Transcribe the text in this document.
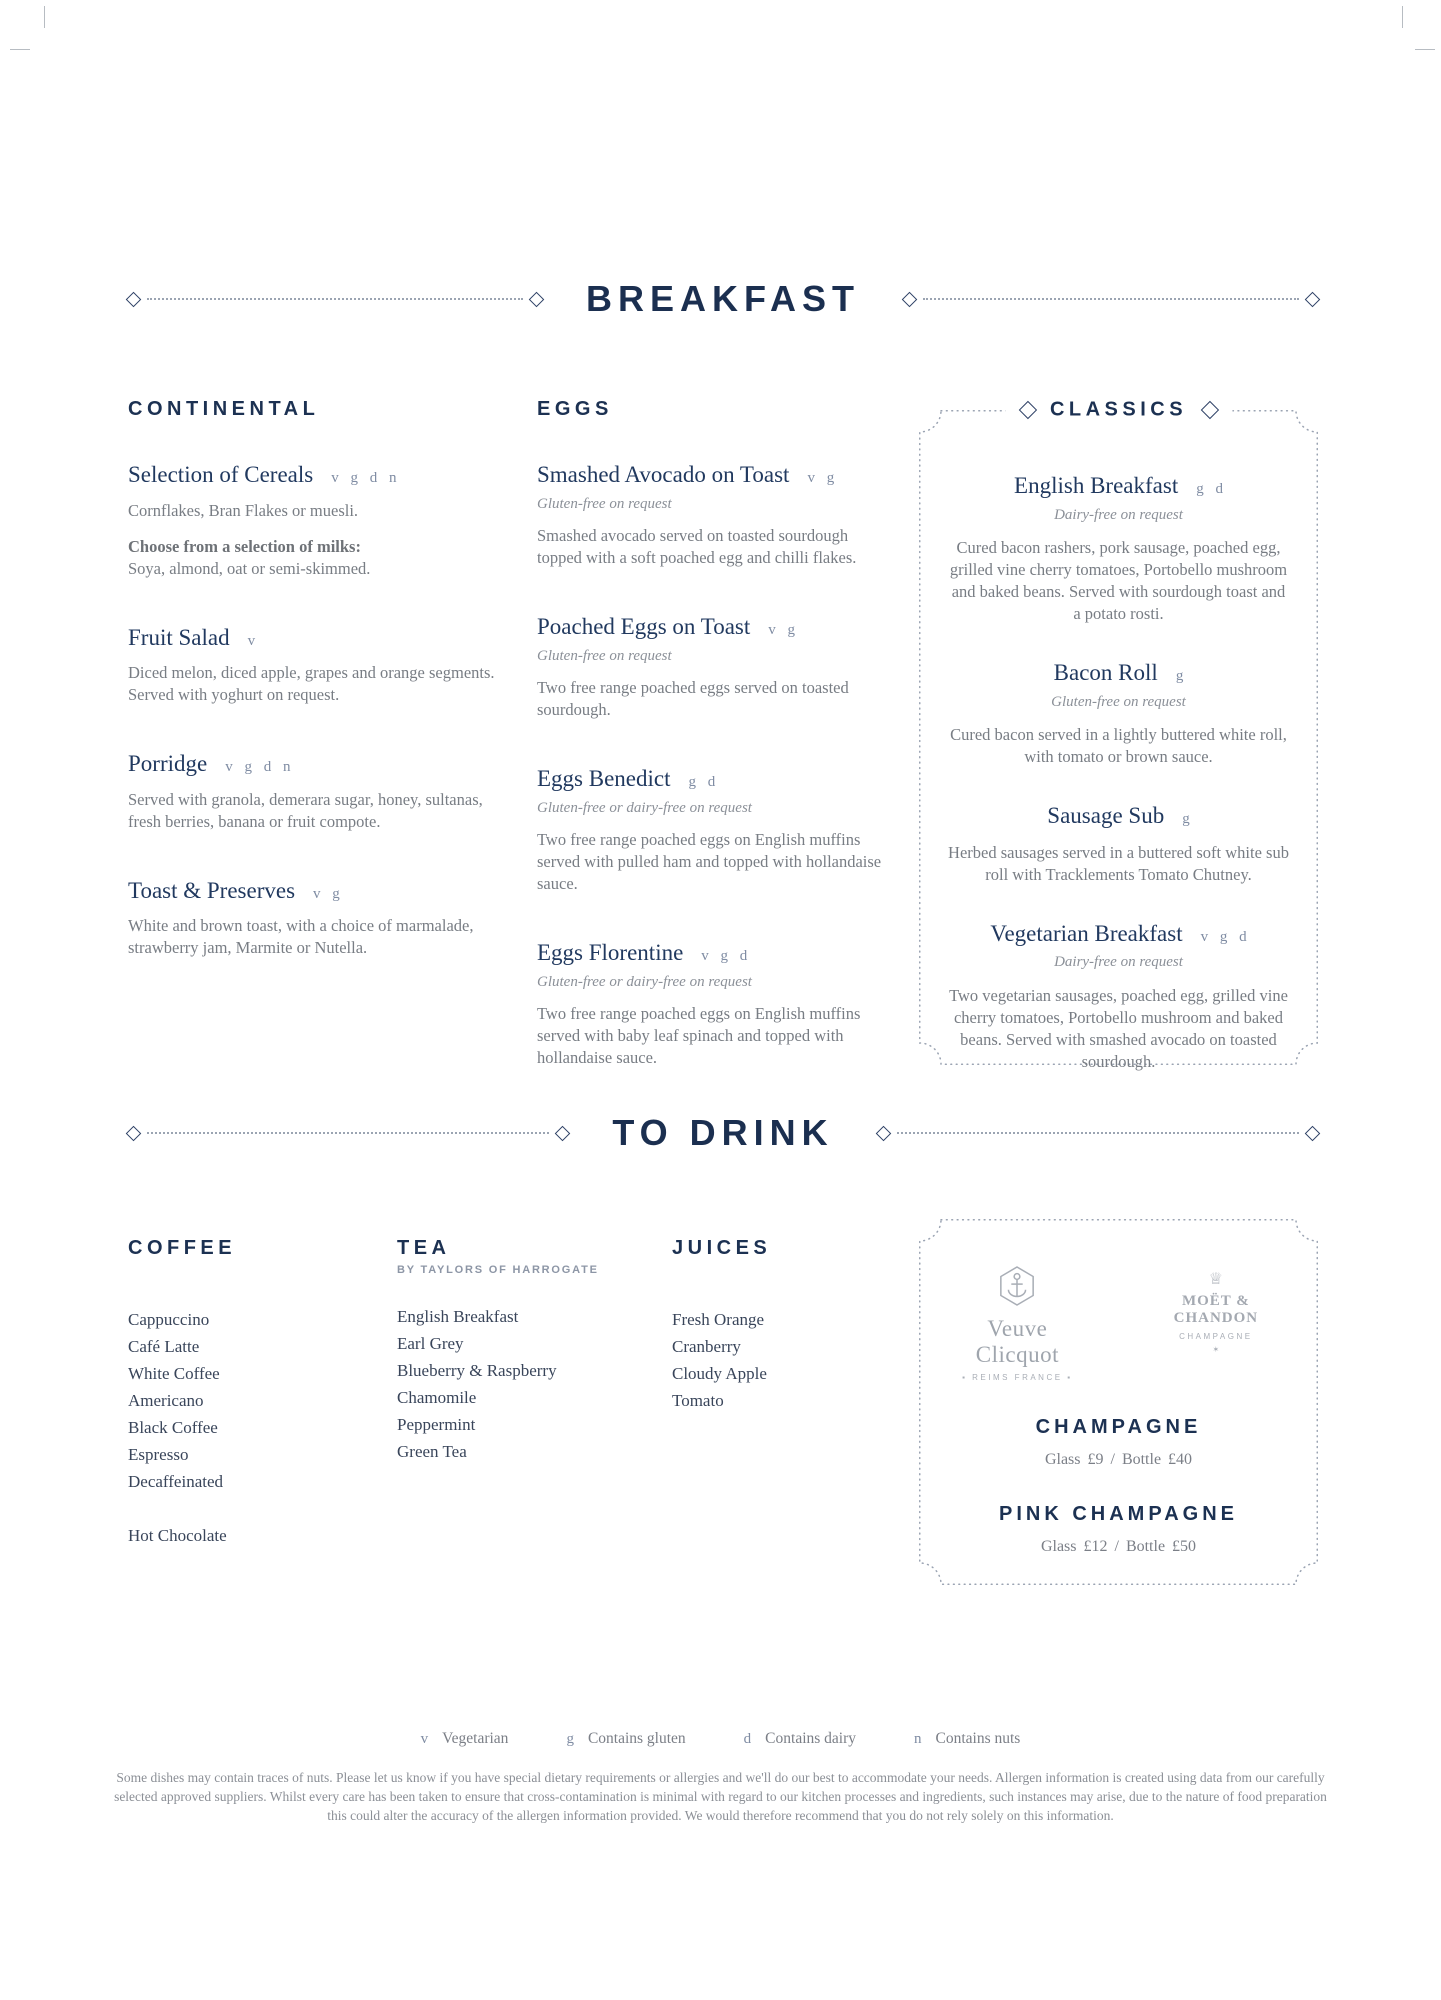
BREAKFAST
CONTINENTAL
Selection of Cereals v g d n

Cornflakes, Bran Flakes or muesli.

Choose from a selection of milks:

Soya, almond, oat or semi-skimmed.

Fruit Salad v

Diced melon, diced apple, grapes and orange segments. Served with yoghurt on request.

Porridge v g d n

Served with granola, demerara sugar, honey, sultanas, fresh berries, banana or fruit compote.

Toast & Preserves v g

White and brown toast, with a choice of marmalade, strawberry jam, Marmite or Nutella.

EGGS
Smashed Avocado on Toast v g

Gluten-free on request

Smashed avocado served on toasted sourdough topped with a soft poached egg and chilli flakes.

Poached Eggs on Toast v g

Gluten-free on request

Two free range poached eggs served on toasted sourdough.

Eggs Benedict g d

Gluten-free or dairy-free on request

Two free range poached eggs on English muffins served with pulled ham and topped with hollandaise sauce.

Eggs Florentine v g d

Gluten-free or dairy-free on request

Two free range poached eggs on English muffins served with baby leaf spinach and topped with hollandaise sauce.

CLASSICS
English Breakfast g d

Dairy-free on request

Cured bacon rashers, pork sausage, poached egg, grilled vine cherry tomatoes, Portobello mushroom and baked beans. Served with sourdough toast and a potato rosti.

Bacon Roll g

Gluten-free on request

Cured bacon served in a lightly buttered white roll, with tomato or brown sauce.

Sausage Sub g

Herbed sausages served in a buttered soft white sub roll with Tracklements Tomato Chutney.

Vegetarian Breakfast v g d

Dairy-free on request

Two vegetarian sausages, poached egg, grilled vine cherry tomatoes, Portobello mushroom and baked beans. Served with smashed avocado on toasted sourdough.

TO DRINK
COFFEE
Cappuccino
Café Latte
White Coffee
Americano
Black Coffee
Espresso
Decaffeinated
Hot Chocolate
TEA

BY TAYLORS OF HARROGATE

English Breakfast
Earl Grey
Blueberry & Raspberry
Chamomile
Peppermint
Green Tea
JUICES
Fresh Orange
Cranberry
Cloudy Apple
Tomato

Veuve Clicquot

▪ REIMS FRANCE ▪

♕

MOËT & CHANDON

CHAMPAGNE

✶
CHAMPAGNE

Glass £9 / Bottle £40

PINK CHAMPAGNE

Glass £12 / Bottle £50

v Vegetarian	g Contains gluten	d Contains dairy	n Contains nuts

Some dishes may contain traces of nuts. Please let us know if you have special dietary requirements or allergies and we'll do our best to accommodate your needs. Allergen information is created using data from our carefully selected approved suppliers. Whilst every care has been taken to ensure that cross-contamination is minimal with regard to our kitchen processes and ingredients, such instances may arise, due to the nature of food preparation this could alter the accuracy of the allergen information provided. We would therefore recommend that you do not rely solely on this information.
